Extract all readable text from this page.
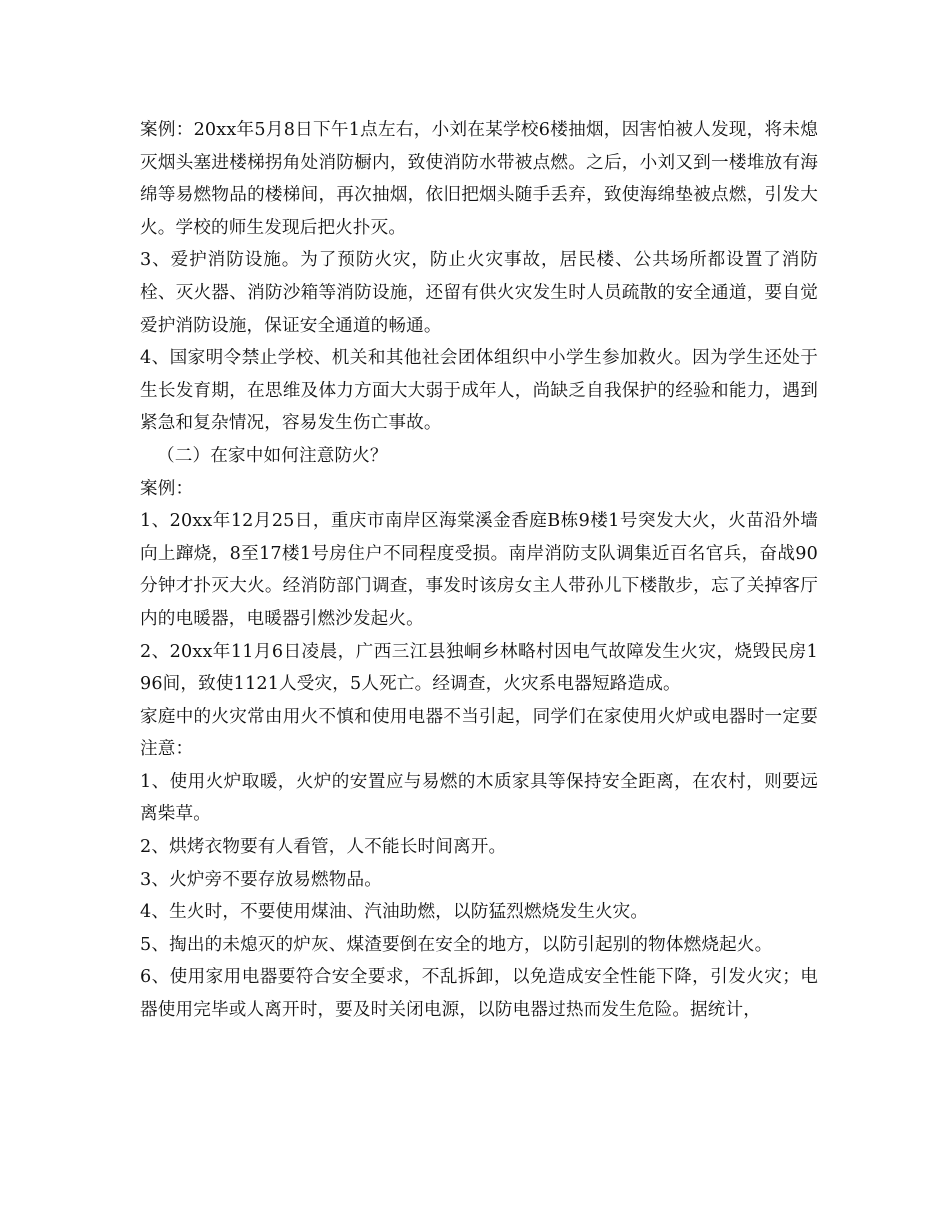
案例：20xx年5月8日下午1点左右，小刘在某学校6楼抽烟，因害怕被人发现，将未熄灭烟头塞进楼梯拐角处消防橱内，致使消防水带被点燃。之后，小刘又到一楼堆放有海绵等易燃物品的楼梯间，再次抽烟，依旧把烟头随手丢弃，致使海绵垫被点燃，引发大火。学校的师生发现后把火扑灭。

3、爱护消防设施。为了预防火灾，防止火灾事故，居民楼、公共场所都设置了消防栓、灭火器、消防沙箱等消防设施，还留有供火灾发生时人员疏散的安全通道，要自觉爱护消防设施，保证安全通道的畅通。

4、国家明令禁止学校、机关和其他社会团体组织中小学生参加救火。因为学生还处于生长发育期，在思维及体力方面大大弱于成年人，尚缺乏自我保护的经验和能力，遇到紧急和复杂情况，容易发生伤亡事故。

（二）在家中如何注意防火？

案例：

1、20xx年12月25日，重庆市南岸区海棠溪金香庭B栋9楼1号突发大火，火苗沿外墙向上蹿烧，8至17楼1号房住户不同程度受损。南岸消防支队调集近百名官兵，奋战90分钟才扑灭大火。经消防部门调查，事发时该房女主人带孙儿下楼散步，忘了关掉客厅内的电暖器，电暖器引燃沙发起火。

2、20xx年11月6日凌晨，广西三江县独峒乡林略村因电气故障发生火灾，烧毁民房196间，致使1121人受灾，5人死亡。经调查，火灾系电器短路造成。

家庭中的火灾常由用火不慎和使用电器不当引起，同学们在家使用火炉或电器时一定要注意：

1、使用火炉取暖，火炉的安置应与易燃的木质家具等保持安全距离，在农村，则要远离柴草。

2、烘烤衣物要有人看管，人不能长时间离开。

3、火炉旁不要存放易燃物品。

4、生火时，不要使用煤油、汽油助燃，以防猛烈燃烧发生火灾。

5、掏出的未熄灭的炉灰、煤渣要倒在安全的地方，以防引起别的物体燃烧起火。

6、使用家用电器要符合安全要求，不乱拆卸，以免造成安全性能下降，引发火灾；电器使用完毕或人离开时，要及时关闭电源，以防电器过热而发生危险。据统计，
